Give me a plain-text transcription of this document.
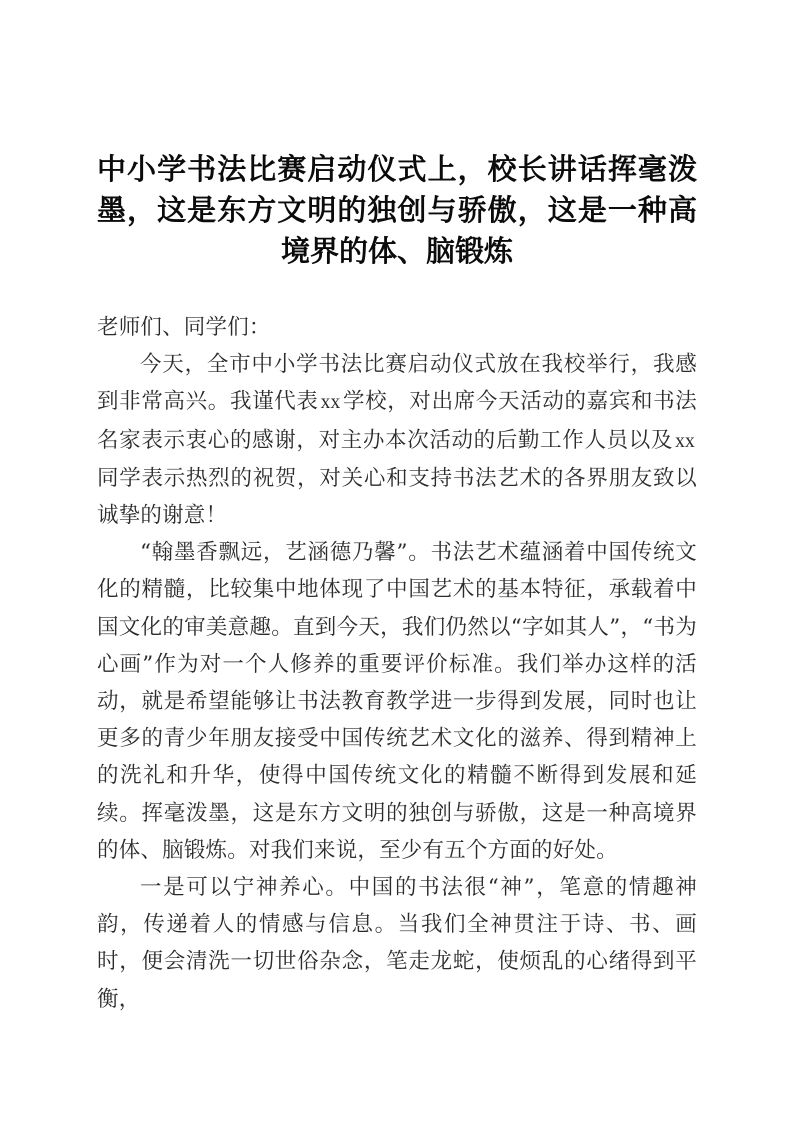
中小学书法比赛启动仪式上，校长讲话挥毫泼墨，这是东方文明的独创与骄傲，这是一种高境界的体、脑锻炼

老师们、同学们：

今天，全市中小学书法比赛启动仪式放在我校举行，我感到非常高兴。我谨代表 xx学校，对出席今天活动的嘉宾和书法名家表示衷心的感谢，对主办本次活动的后勤工作人员以及 xx同学表示热烈的祝贺，对关心和支持书法艺术的各界朋友致以诚挚的谢意！

“翰墨香飘远，艺涵德乃馨”。书法艺术蕴涵着中国传统文化的精髓，比较集中地体现了中国艺术的基本特征，承载着中国文化的审美意趣。直到今天，我们仍然以“字如其人”，“书为心画”作为对一个人修养的重要评价标准。我们举办这样的活动，就是希望能够让书法教育教学进一步得到发展，同时也让更多的青少年朋友接受中国传统艺术文化的滋养、得到精神上的洗礼和升华，使得中国传统文化的精髓不断得到发展和延续。挥毫泼墨，这是东方文明的独创与骄傲，这是一种高境界的体、脑锻炼。对我们来说，至少有五个方面的好处。

一是可以宁神养心。中国的书法很“神”，笔意的情趣神韵，传递着人的情感与信息。当我们全神贯注于诗、书、画时，便会清洗一切世俗杂念，笔走龙蛇，使烦乱的心绪得到平衡，
